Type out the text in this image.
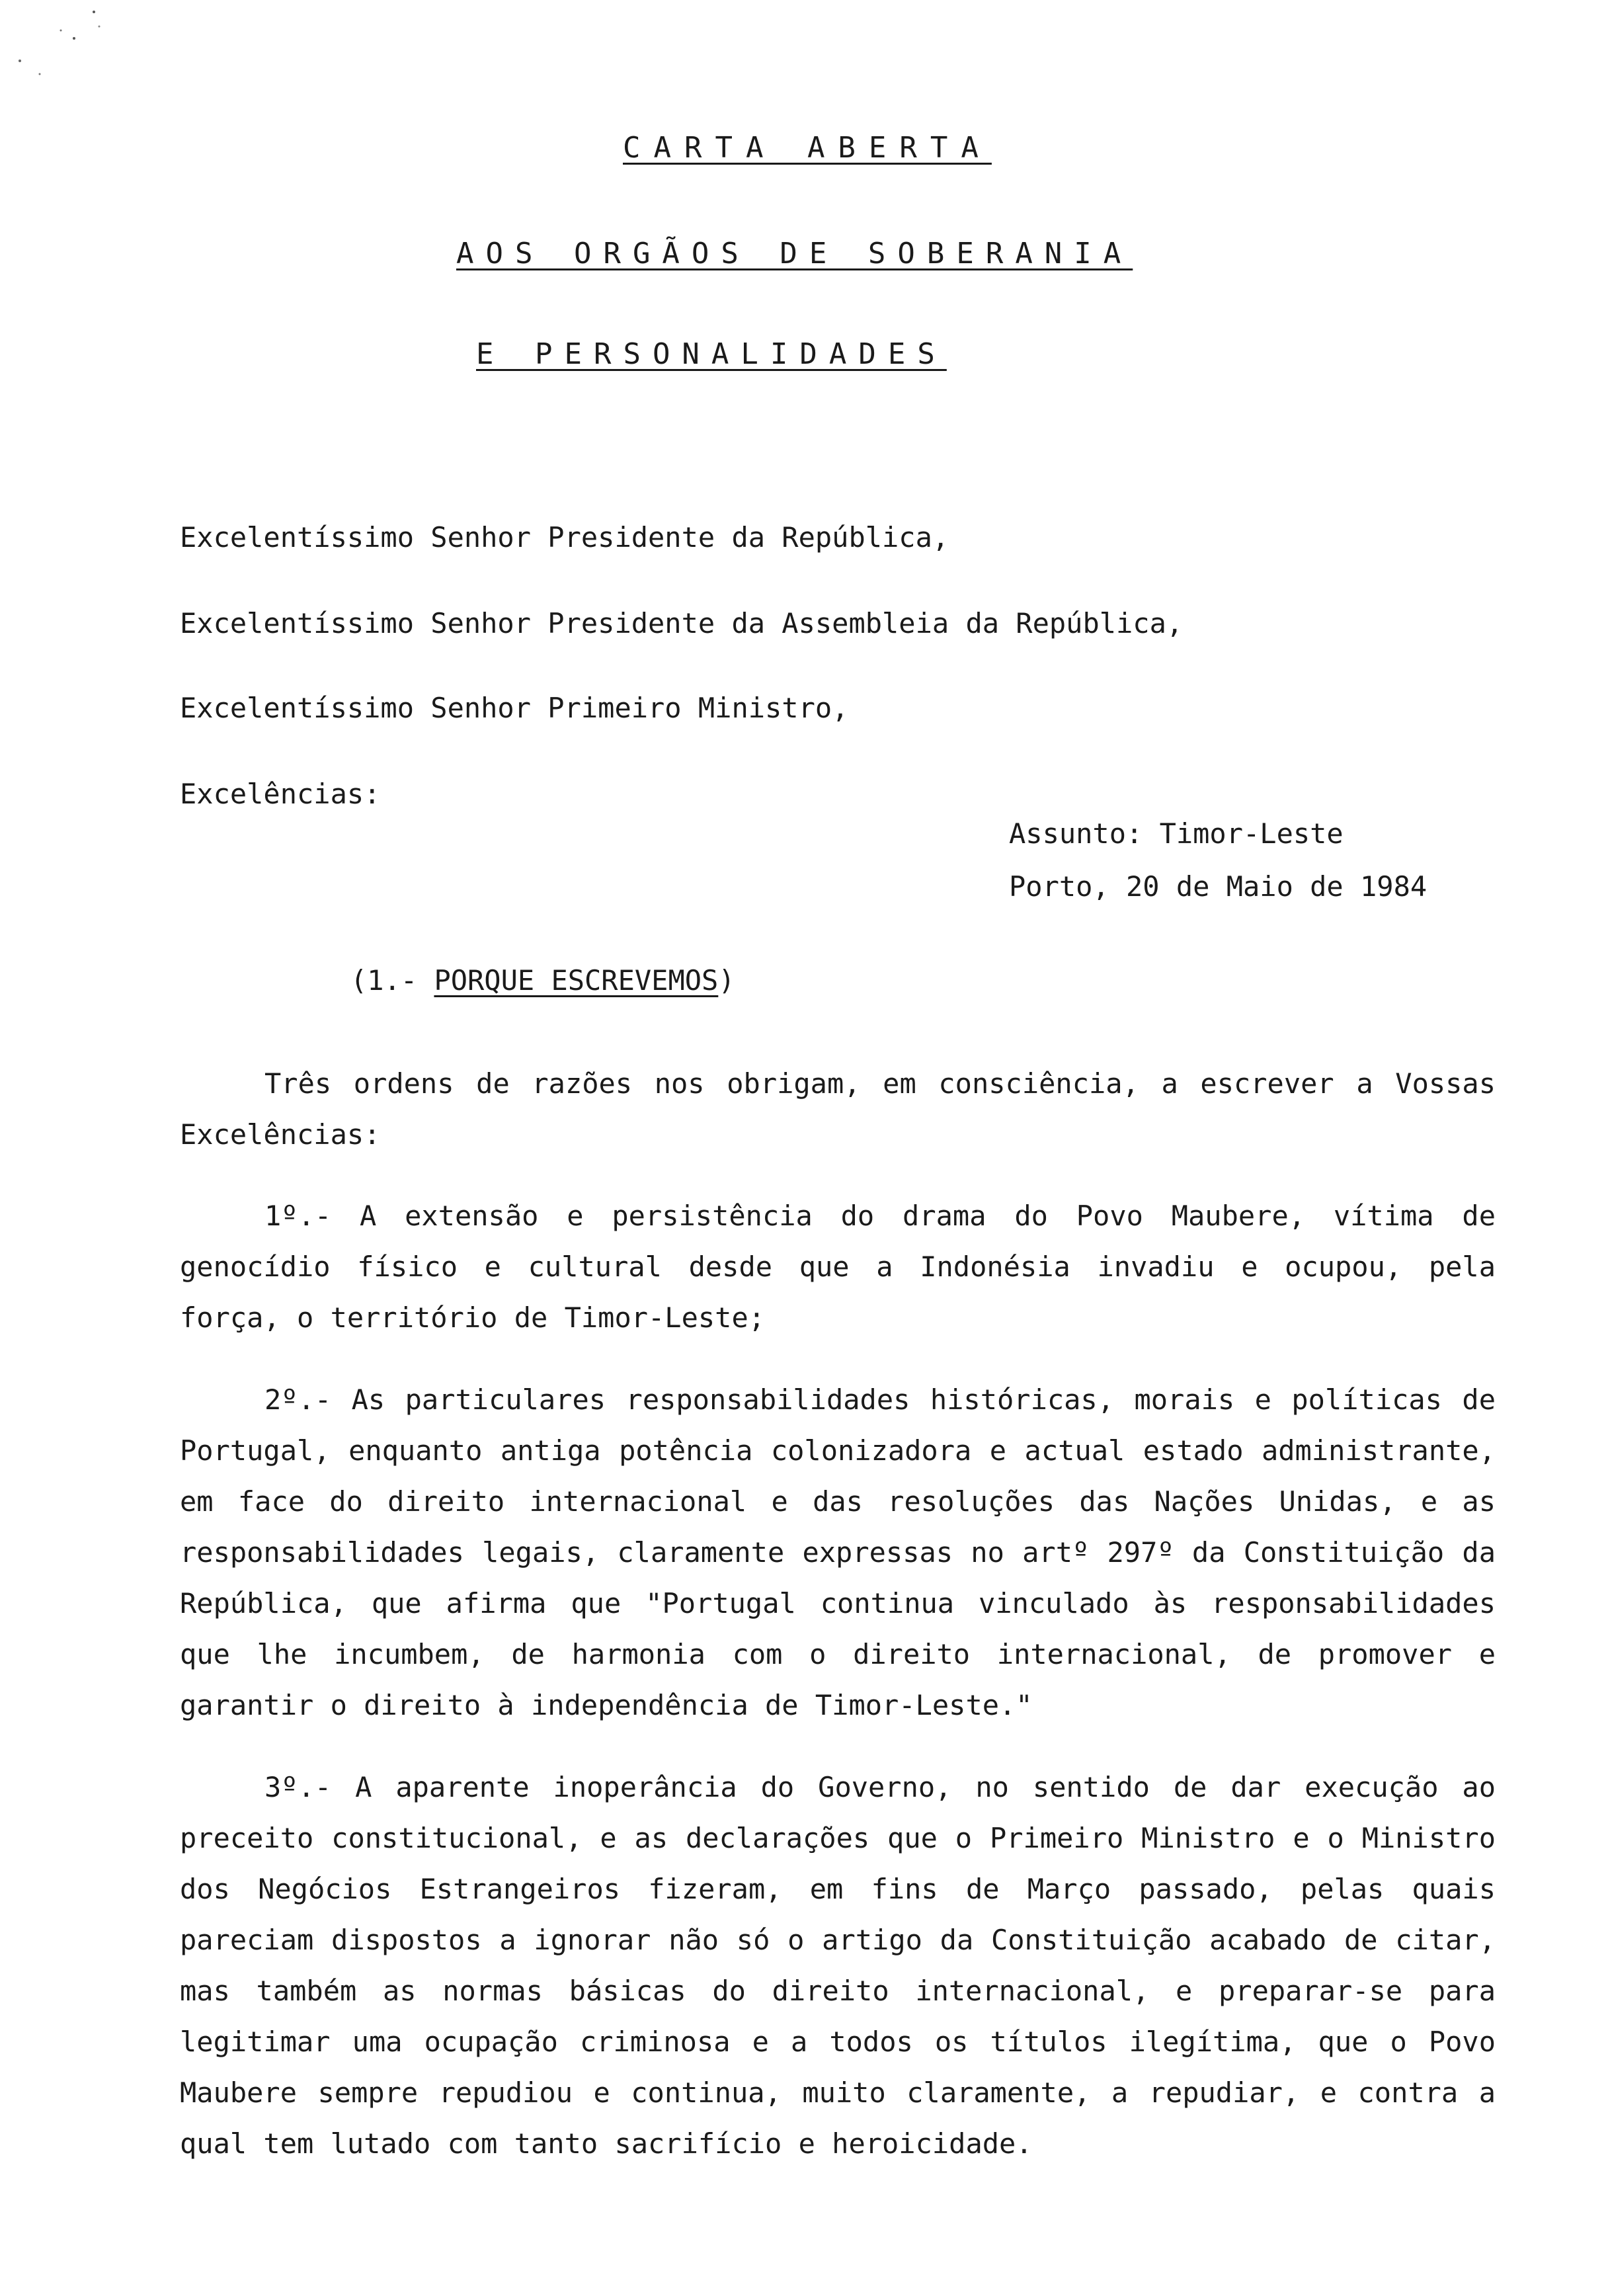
CARTA ABERTA
AOS ORGÃOS DE SOBERANIA
E PERSONALIDADES
Excelentíssimo Senhor Presidente da República,
Excelentíssimo Senhor Presidente da Assembleia da República,
Excelentíssimo Senhor Primeiro Ministro,
Excelências:
Assunto: Timor-Leste
Porto, 20 de Maio de 1984
(1.- PORQUE ESCREVEMOS)

Três ordens de razões nos obrigam, em consciência, a escrever a Vossas Excelências:

1º.- A extensão e persistência do drama do Povo Maubere, vítima de genocídio físico e cultural desde que a Indonésia invadiu e ocupou, pela força, o território de Timor-Leste;

2º.- As particulares responsabilidades históricas, morais e políticas de Portugal, enquanto antiga potência colonizadora e actual estado administrante, em face do direito internacional e das resoluções das Nações Unidas, e as responsabilidades legais, claramente expressas no artº 297º da Constituição da República, que afirma que "Portugal continua vinculado às responsabilidades que lhe incumbem, de harmonia com o direito internacional, de promover e garantir o direito à independência de Timor-Leste."

3º.- A aparente inoperância do Governo, no sentido de dar execução ao preceito constitucional, e as declarações que o Primeiro Ministro e o Ministro dos Negócios Estrangeiros fizeram, em fins de Março passado, pelas quais pareciam dispostos a ignorar não só o artigo da Constituição acabado de citar, mas também as normas básicas do direito internacional, e preparar-se para legitimar uma ocupação criminosa e a todos os títulos ilegítima, que o Povo Maubere sempre repudiou e continua, muito claramente, a repudiar, e contra a qual tem lutado com tanto sacrifício e heroicidade.
